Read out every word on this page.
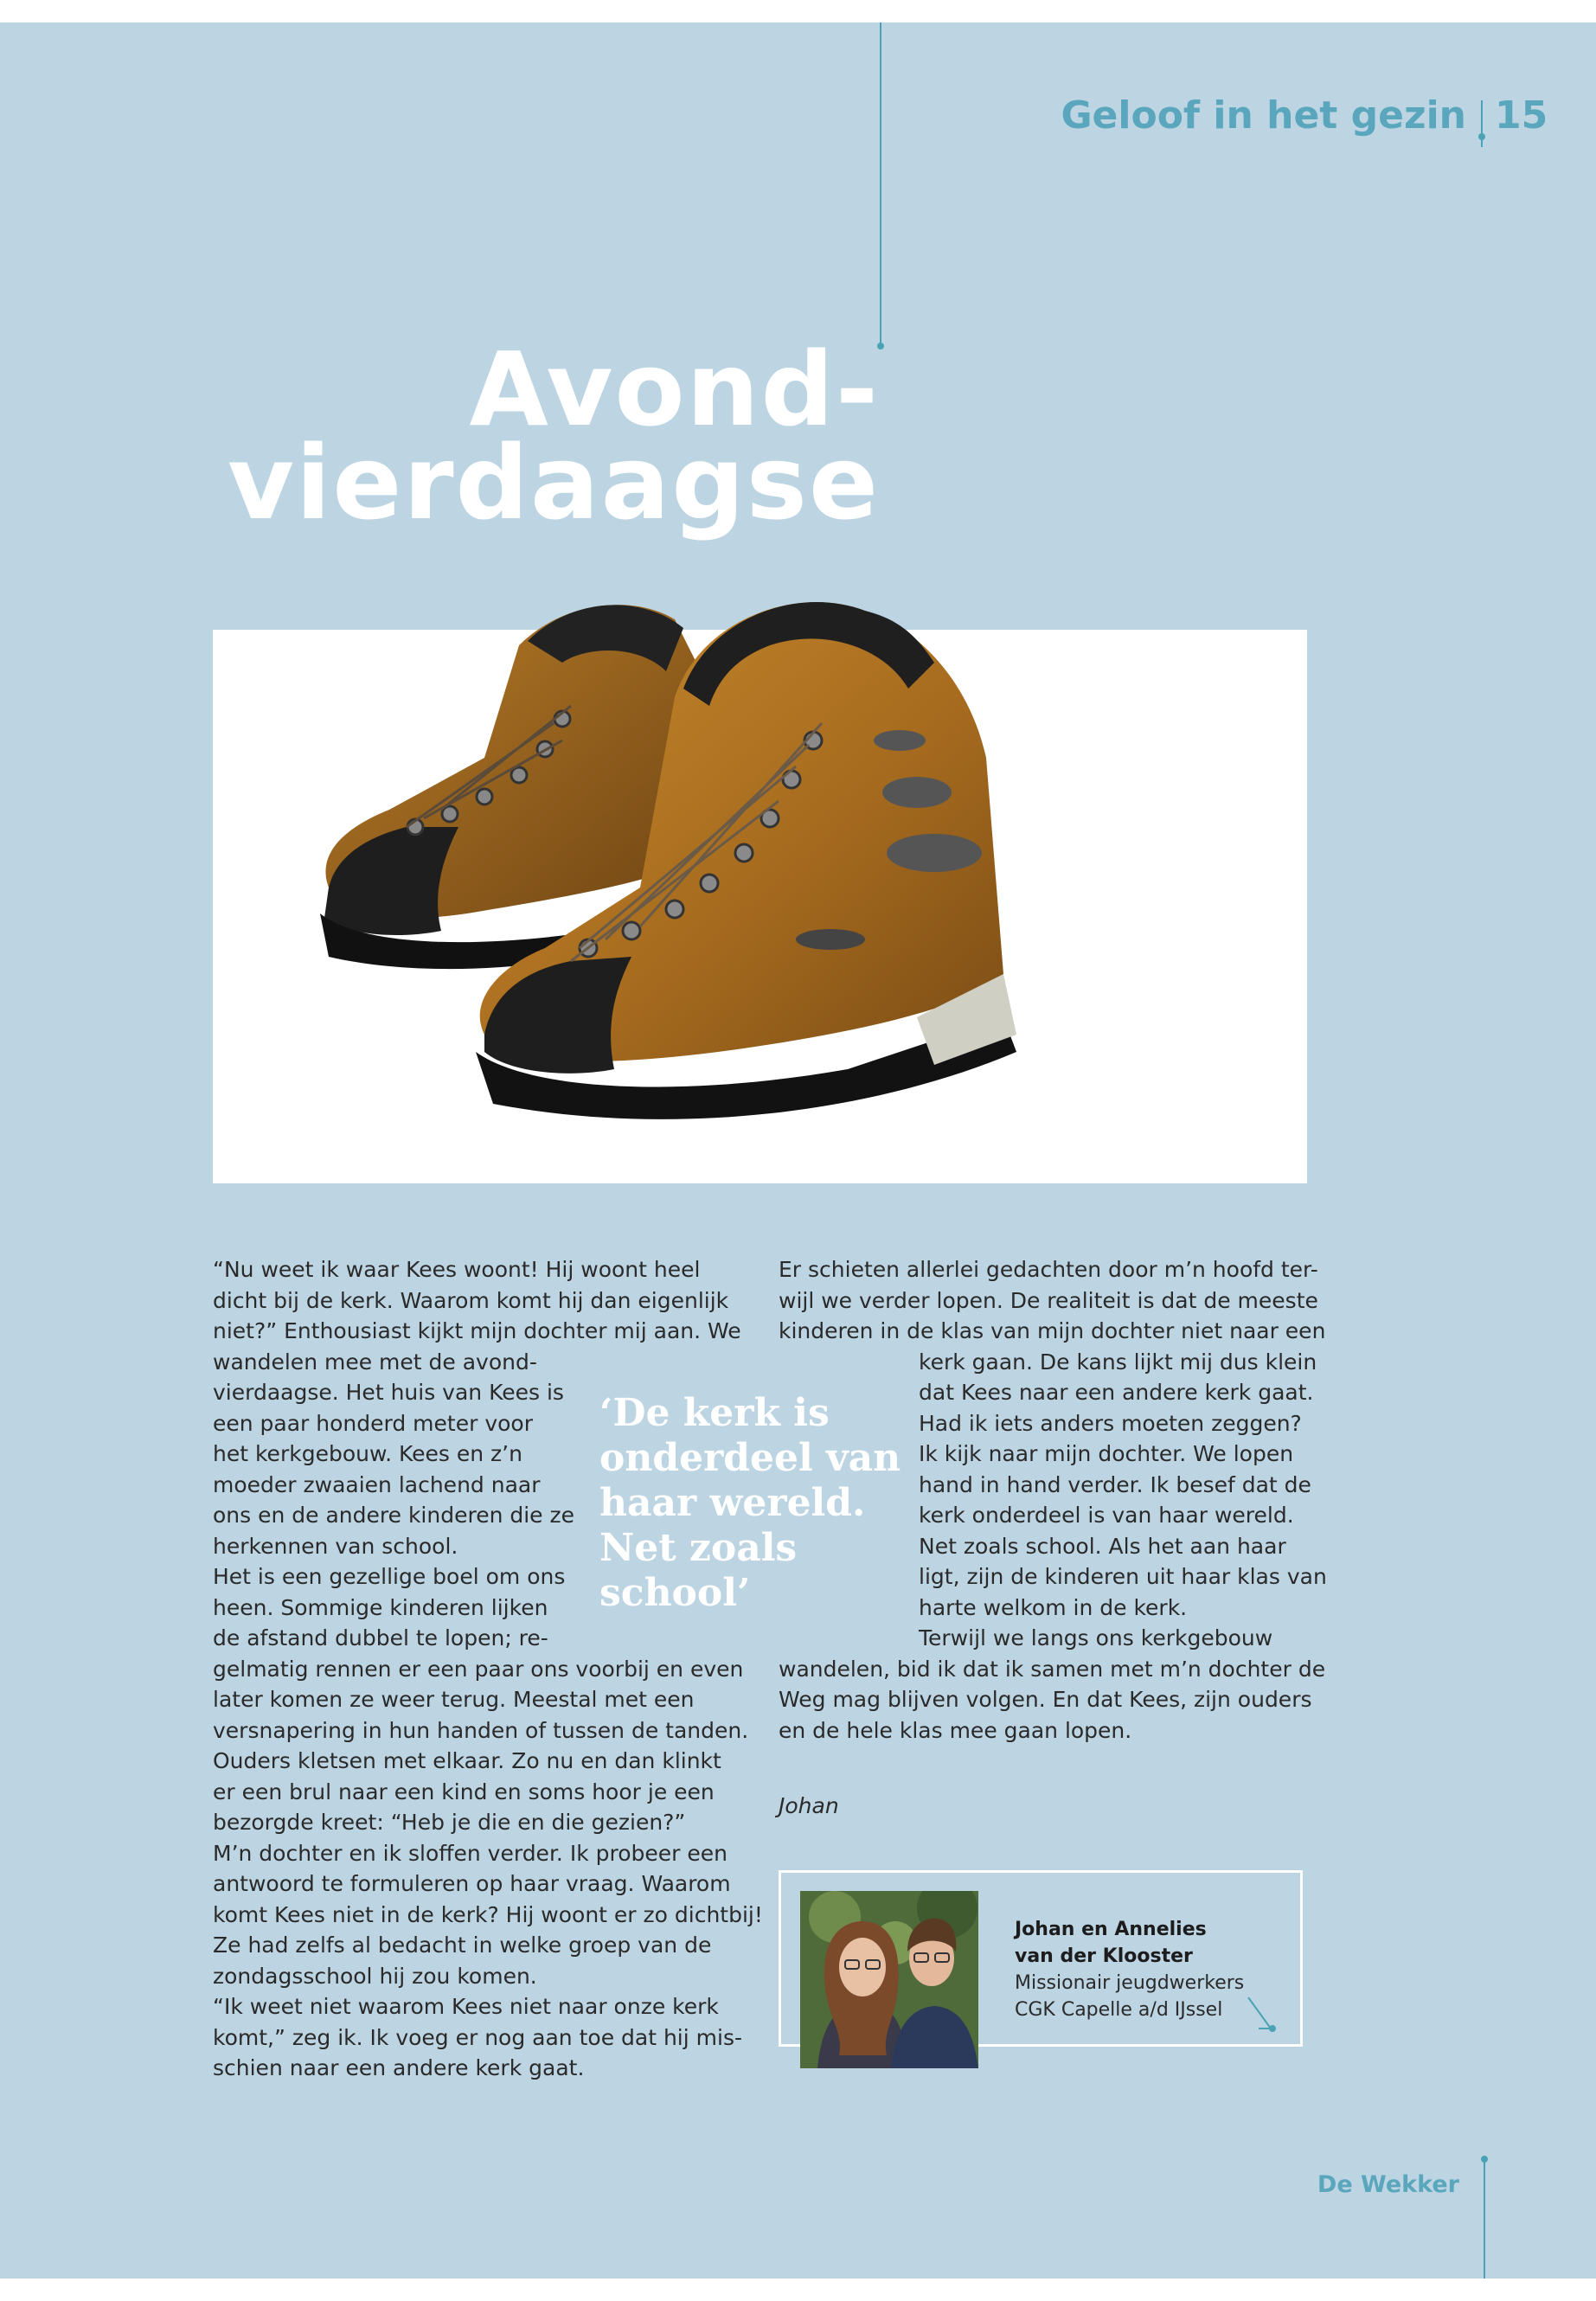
Geloof in het gezin 15
Avond-
vierdaagse

“Nu weet ik waar Kees woont! Hij woont heel

dicht bij de kerk. Waarom komt hij dan eigenlijk

niet?” Enthousiast kijkt mijn dochter mij aan. We

wandelen mee met de avond-

vierdaagse. Het huis van Kees is

een paar honderd meter voor

het kerkgebouw. Kees en z’n

moeder zwaaien lachend naar

ons en de andere kinderen die ze

herkennen van school.

Het is een gezellige boel om ons

heen. Sommige kinderen lijken

de afstand dubbel te lopen; re-

gelmatig rennen er een paar ons voorbij en even

later komen ze weer terug. Meestal met een

versnapering in hun handen of tussen de tanden.

Ouders kletsen met elkaar. Zo nu en dan klinkt

er een brul naar een kind en soms hoor je een

bezorgde kreet: “Heb je die en die gezien?”

M’n dochter en ik sloffen verder. Ik probeer een

antwoord te formuleren op haar vraag. Waarom

komt Kees niet in de kerk? Hij woont er zo dichtbij!

Ze had zelfs al bedacht in welke groep van de

zondagsschool hij zou komen.

“Ik weet niet waarom Kees niet naar onze kerk

komt,” zeg ik. Ik voeg er nog aan toe dat hij mis-

schien naar een andere kerk gaat.

‘De kerk is
onderdeel van
haar wereld.
Net zoals
school’

Er schieten allerlei gedachten door m’n hoofd ter-

wijl we verder lopen. De realiteit is dat de meeste

kinderen in de klas van mijn dochter niet naar een

kerk gaan. De kans lijkt mij dus klein

dat Kees naar een andere kerk gaat.

Had ik iets anders moeten zeggen?

Ik kijk naar mijn dochter. We lopen

hand in hand verder. Ik besef dat de

kerk onderdeel is van haar wereld.

Net zoals school. Als het aan haar

ligt, zijn de kinderen uit haar klas van

harte welkom in de kerk.

Terwijl we langs ons kerkgebouw

wandelen, bid ik dat ik samen met m’n dochter de

Weg mag blijven volgen. En dat Kees, zijn ouders

en de hele klas mee gaan lopen.

Johan
Johan en Annelies
van der Klooster
Missionair jeugdwerkers
CGK Capelle a/d IJssel
De Wekker
